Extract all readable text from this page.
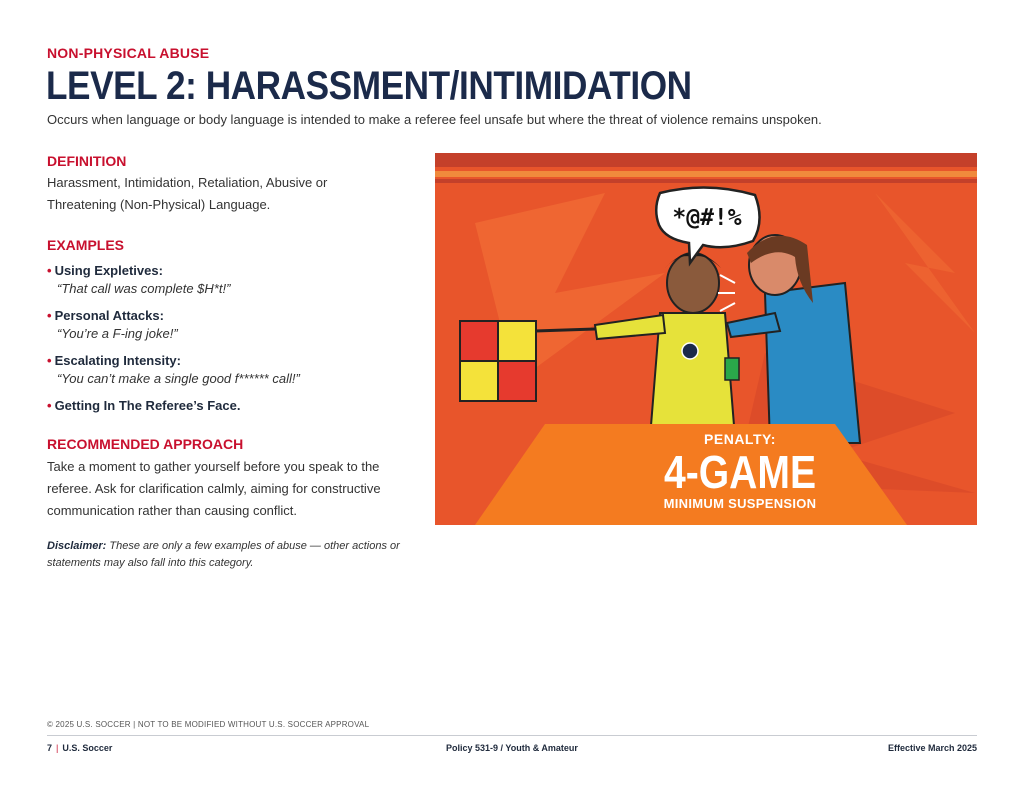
NON-PHYSICAL ABUSE
LEVEL 2: HARASSMENT/INTIMIDATION
Occurs when language or body language is intended to make a referee feel unsafe but where the threat of violence remains unspoken.
DEFINITION

Harassment, Intimidation, Retaliation, Abusive or Threatening (Non-Physical) Language.

EXAMPLES
• Using Expletives:
“That call was complete $H*t!”
• Personal Attacks:
“You’re a F-ing joke!”
• Escalating Intensity:
“You can’t make a single good f****** call!”
• Getting In The Referee’s Face.
RECOMMENDED APPROACH

Take a moment to gather yourself before you speak to the referee. Ask for clarification calmly, aiming for constructive communication rather than causing conflict.

Disclaimer: These are only a few examples of abuse — other actions or statements may also fall into this category.
*@#!%
PENALTY:
4-GAME
MINIMUM SUSPENSION
© 2025 U.S. SOCCER | NOT TO BE MODIFIED WITHOUT U.S. SOCCER APPROVAL
7 | U.S. Soccer	Policy 531-9 / Youth & Amateur	Effective March 2025
